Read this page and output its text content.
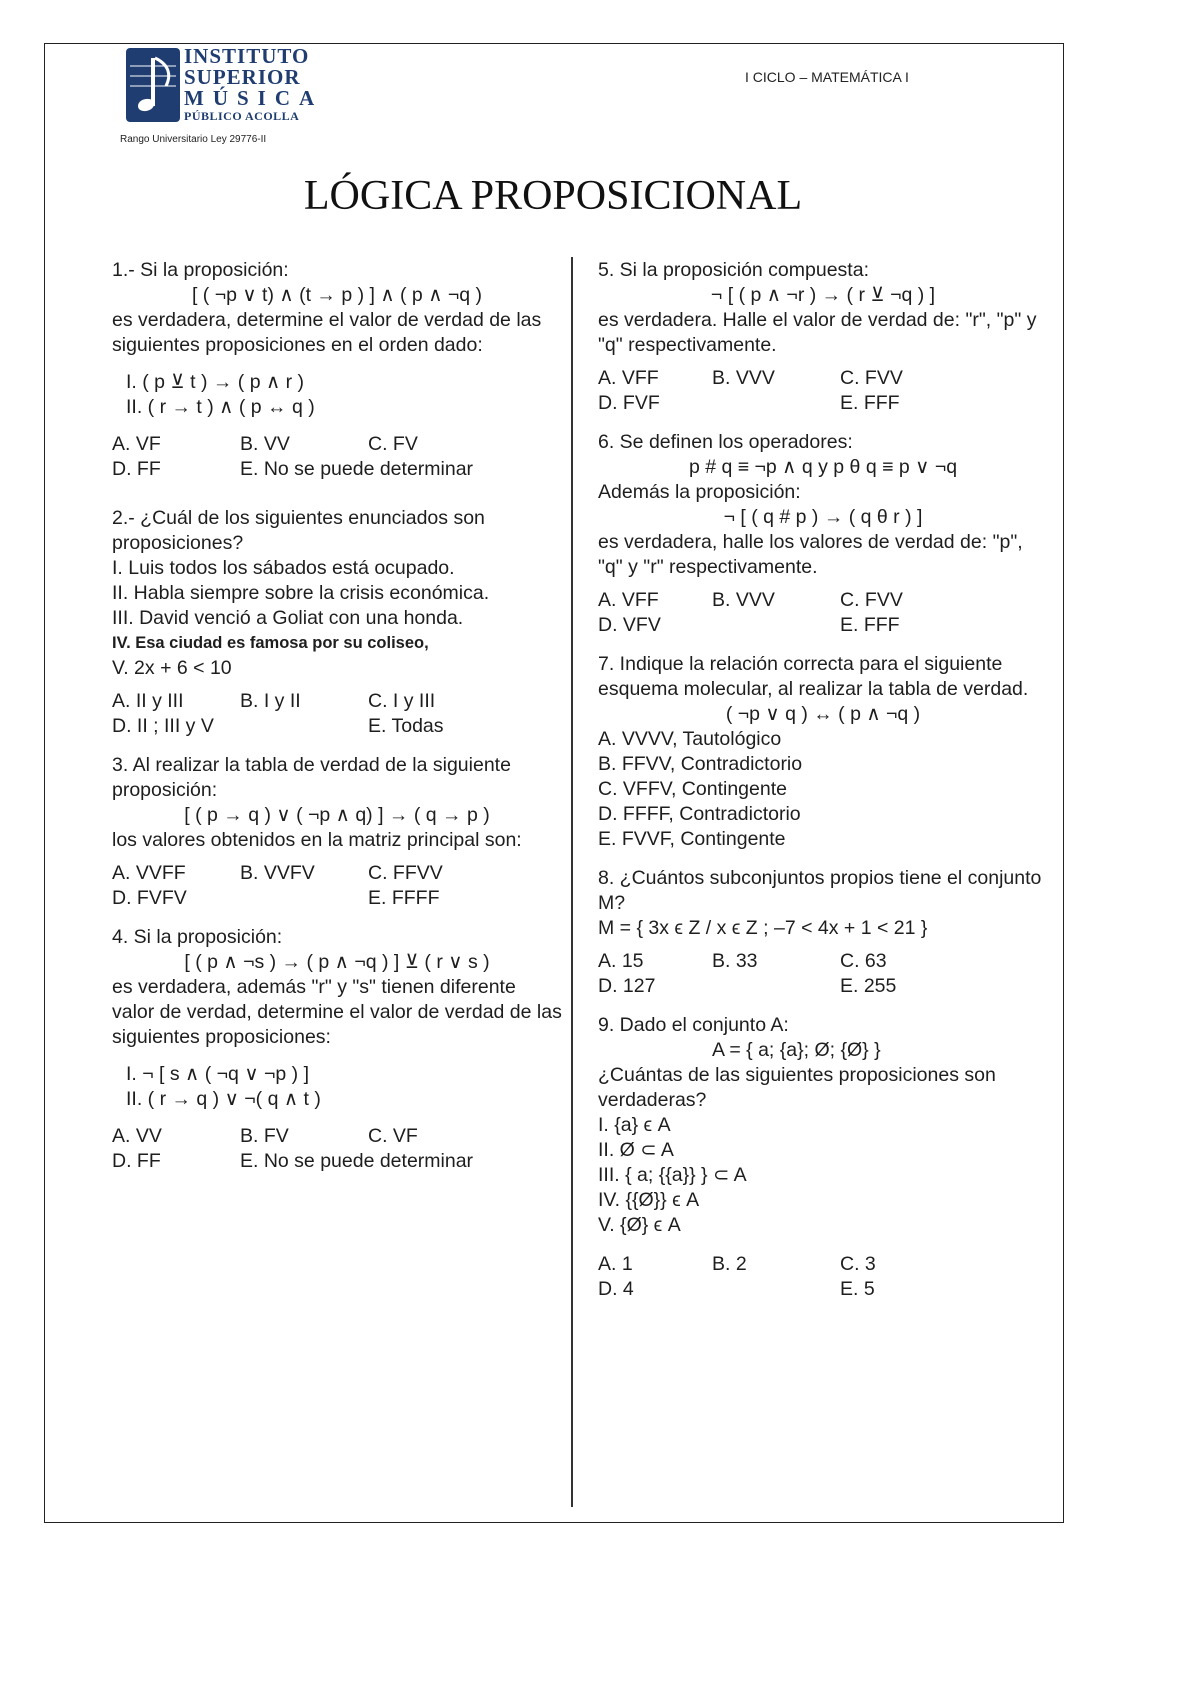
INSTITUTO
SUPERIOR
MÚSICA
PÚBLICO ACOLLA
Rango Universitario Ley 29776-II
I CICLO – MATEMÁTICA I
LÓGICA PROPOSICIONAL

1.- Si la proposición:

[ ( ¬p ∨ t) ∧ (t → p ) ] ∧ ( p ∧ ¬q )

es verdadera, determine el valor de verdad de las siguientes proposiciones en el orden dado:

I. ( p ⊻ t ) → ( p ∧ r )
II. ( r → t ) ∧ ( p ↔ q )
A. VF	B. VV	C. FV
D. FF	E. No se puede determinar

2.- ¿Cuál de los siguientes enunciados son proposiciones?

I. Luis todos los sábados está ocupado.

II. Habla siempre sobre la crisis económica.

III. David venció a Goliat con una honda.

IV. Esa ciudad es famosa por su coliseo,

V. 2x + 6 < 10

A. II y III	B. I y II	C. I y III
D. II ; III y V	E. Todas

3. Al realizar la tabla de verdad de la siguiente proposición:

[ ( p → q ) ∨ ( ¬p ∧ q) ] → ( q → p )

los valores obtenidos en la matriz principal son:

A. VVFF	B. VVFV	C. FFVV
D. FVFV	E. FFFF

4. Si la proposición:

[ ( p ∧ ¬s ) → ( p ∧ ¬q ) ] ⊻ ( r ∨ s )

es verdadera, además "r" y "s" tienen diferente valor de verdad, determine el valor de verdad de las siguientes proposiciones:

I. ¬ [ s ∧ ( ¬q ∨ ¬p ) ]
II. ( r → q ) ∨ ¬( q ∧ t )
A. VV	B. FV	C. VF
D. FF	E. No se puede determinar

5. Si la proposición compuesta:

¬ [ ( p ∧ ¬r ) → ( r ⊻ ¬q ) ]

es verdadera. Halle el valor de verdad de: "r", "p" y "q" respectivamente.

A. VFF	B. VVV	C. FVV
D. FVF	E. FFF

6. Se definen los operadores:

p # q ≡ ¬p ∧ q y p θ q ≡ p ∨ ¬q

Además la proposición:

¬ [ ( q # p ) → ( q θ r ) ]

es verdadera, halle los valores de verdad de: "p", "q" y "r" respectivamente.

A. VFF	B. VVV	C. FVV
D. VFV	E. FFF

7. Indique la relación correcta para el siguiente esquema molecular, al realizar la tabla de verdad.

( ¬p ∨ q ) ↔ ( p ∧ ¬q )

A. VVVV, Tautológico
B. FFVV, Contradictorio
C. VFFV, Contingente
D. FFFF, Contradictorio
E. FVVF, Contingente

8. ¿Cuántos subconjuntos propios tiene el conjunto M?

M = { 3x ϵ Z / x ϵ Z ; –7 < 4x + 1 < 21 }

A. 15	B. 33	C. 63
D. 127	E. 255

9. Dado el conjunto A:

A = { a; {a}; Ø; {Ø} }

¿Cuántas de las siguientes proposiciones son verdaderas?

I. {a} ϵ A
II. Ø ⊂ A
III. { a; {{a}} } ⊂ A
IV. {{Ø}} ϵ A
V. {Ø} ϵ A
A. 1	B. 2	C. 3
D. 4	E. 5
